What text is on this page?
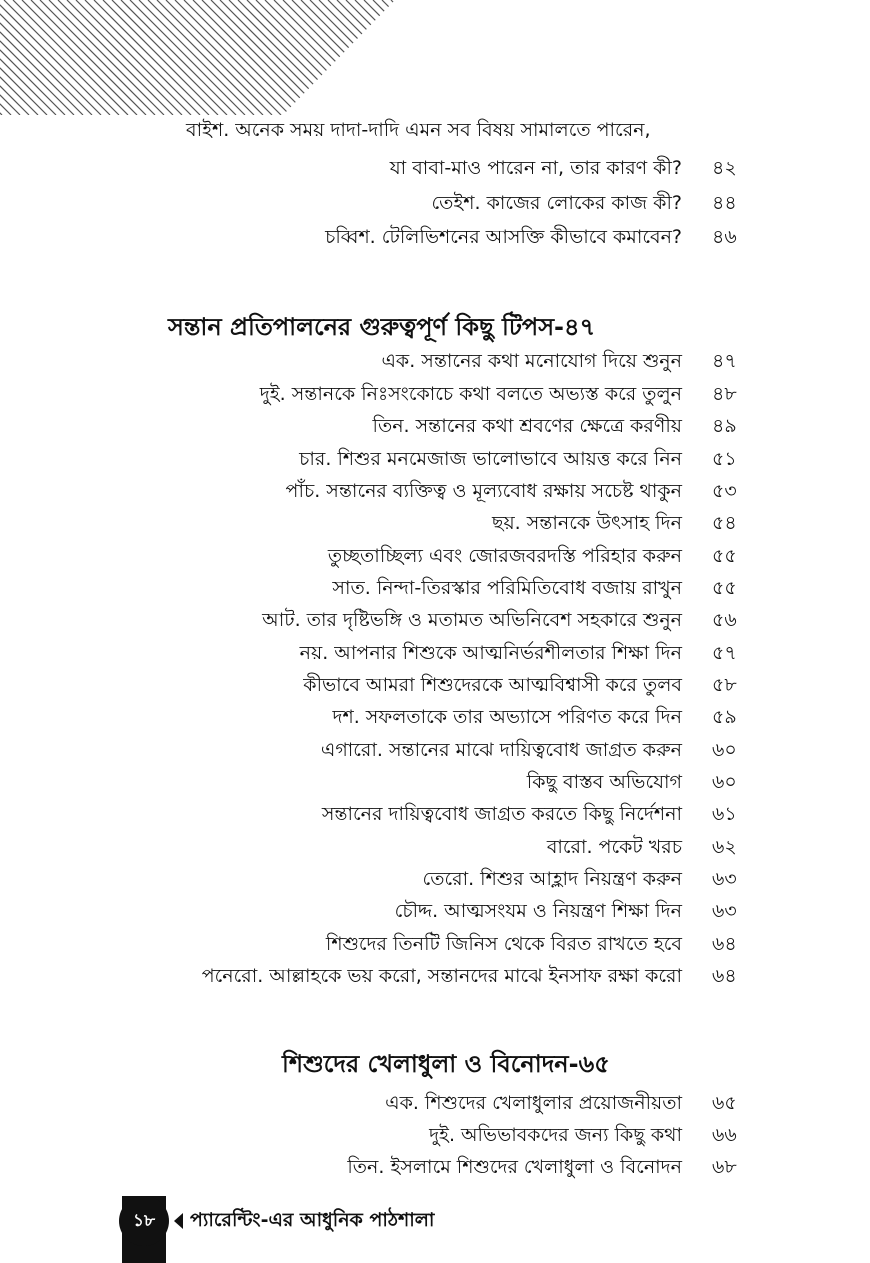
বাইশ. অনেক সময় দাদা-দাদি এমন সব বিষয় সামালতে পারেন,
যা বাবা-মাও পারেন না, তার কারণ কী? ৪২
তেইশ. কাজের লোকের কাজ কী? ৪৪
চব্বিশ. টেলিভিশনের আসক্তি কীভাবে কমাবেন? ৪৬
সন্তান প্রতিপালনের গুরুত্বপূর্ণ কিছু টিপস-৪৭
এক. সন্তানের কথা মনোযোগ দিয়ে শুনুন ৪৭
দুই. সন্তানকে নিঃসংকোচে কথা বলতে অভ্যস্ত করে তুলুন ৪৮
তিন. সন্তানের কথা শ্রবণের ক্ষেত্রে করণীয় ৪৯
চার. শিশুর মনমেজাজ ভালোভাবে আয়ত্ত করে নিন ৫১
পাঁচ. সন্তানের ব্যক্তিত্ব ও মূল্যবোধ রক্ষায় সচেষ্ট থাকুন ৫৩
ছয়. সন্তানকে উৎসাহ দিন ৫৪
তুচ্ছতাচ্ছিল্য এবং জোরজবরদস্তি পরিহার করুন ৫৫
সাত. নিন্দা-তিরস্কার পরিমিতিবোধ বজায় রাখুন ৫৫
আট. তার দৃষ্টিভঙ্গি ও মতামত অভিনিবেশ সহকারে শুনুন ৫৬
নয়. আপনার শিশুকে আত্মনির্ভরশীলতার শিক্ষা দিন ৫৭
কীভাবে আমরা শিশুদেরকে আত্মবিশ্বাসী করে তুলব ৫৮
দশ. সফলতাকে তার অভ্যাসে পরিণত করে দিন ৫৯
এগারো. সন্তানের মাঝে দায়িত্ববোধ জাগ্রত করুন ৬০
কিছু বাস্তব অভিযোগ ৬০
সন্তানের দায়িত্ববোধ জাগ্রত করতে কিছু নির্দেশনা ৬১
বারো. পকেট খরচ ৬২
তেরো. শিশুর আহ্লাদ নিয়ন্ত্রণ করুন ৬৩
চৌদ্দ. আত্মসংযম ও নিয়ন্ত্রণ শিক্ষা দিন ৬৩
শিশুদের তিনটি জিনিস থেকে বিরত রাখতে হবে ৬৪
পনেরো. আল্লাহকে ভয় করো, সন্তানদের মাঝে ইনসাফ রক্ষা করো ৬৪
শিশুদের খেলাধুলা ও বিনোদন-৬৫
এক. শিশুদের খেলাধুলার প্রয়োজনীয়তা ৬৫
দুই. অভিভাবকদের জন্য কিছু কথা ৬৬
তিন. ইসলামে শিশুদের খেলাধুলা ও বিনোদন ৬৮
১৮	প্যারেন্টিং-এর আধুনিক পাঠশালা
